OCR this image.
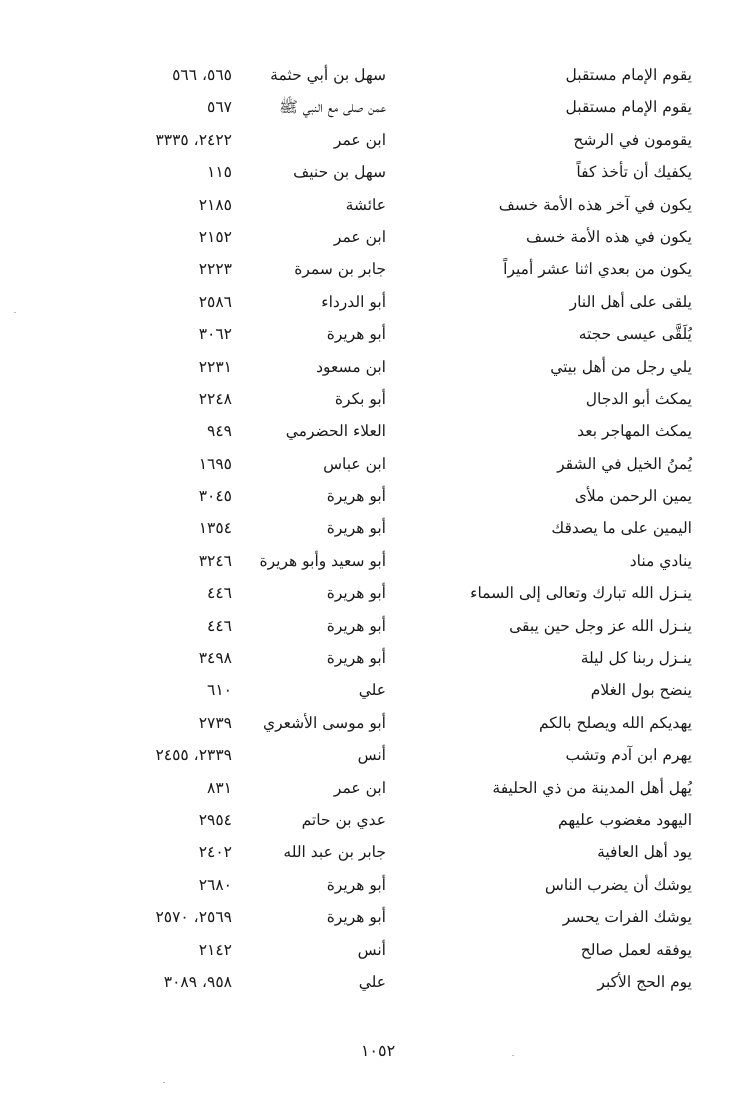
يقوم الإمام مستقبل
سهل بن أبي حثمة
٥٦٥، ٥٦٦
يقوم الإمام مستقبل
عمن صلى مع النبي ﷺ
٥٦٧
يقومون في الرشح
ابن عمر
٢٤٢٢، ٣٣٣٥
يكفيك أن تأخذ كفاً
سهل بن حنيف
١١٥
يكون في آخر هذه الأمة خسف
عائشة
٢١٨٥
يكون في هذه الأمة خسف
ابن عمر
٢١٥٢
يكون من بعدي اثنا عشر أميراً
جابر بن سمرة
٢٢٢٣
يلقى على أهل النار
أبو الدرداء
٢٥٨٦
يُلَقَّى عيسى حجته
أبو هريرة
٣٠٦٢
يلي رجل من أهل بيتي
ابن مسعود
٢٢٣١
يمكث أبو الدجال
أبو بكرة
٢٢٤٨
يمكث المهاجر بعد
العلاء الحضرمي
٩٤٩
يُمنُ الخيل في الشقر
ابن عباس
١٦٩٥
يمين الرحمن ملأى
أبو هريرة
٣٠٤٥
اليمين على ما يصدقك
أبو هريرة
١٣٥٤
ينادي مناد
أبو سعيد وأبو هريرة
٣٢٤٦
ينـزل الله تبارك وتعالى إلى السماء
أبو هريرة
٤٤٦
ينـزل الله عز وجل حين يبقى
أبو هريرة
٤٤٦
ينـزل ربنا كل ليلة
أبو هريرة
٣٤٩٨
ينضح بول الغلام
علي
٦١٠
يهديكم الله ويصلح بالكم
أبو موسى الأشعري
٢٧٣٩
يهرم ابن آدم وتشب
أنس
٢٣٣٩، ٢٤٥٥
يُهل أهل المدينة من ذي الحليفة
ابن عمر
٨٣١
اليهود مغضوب عليهم
عدي بن حاتم
٢٩٥٤
يود أهل العافية
جابر بن عبد الله
٢٤٠٢
يوشك أن يضرب الناس
أبو هريرة
٢٦٨٠
يوشك الفرات يحسر
أبو هريرة
٢٥٦٩، ٢٥٧٠
يوفقه لعمل صالح
أنس
٢١٤٢
يوم الحج الأكبر
علي
٩٥٨، ٣٠٨٩
١٠٥٢
